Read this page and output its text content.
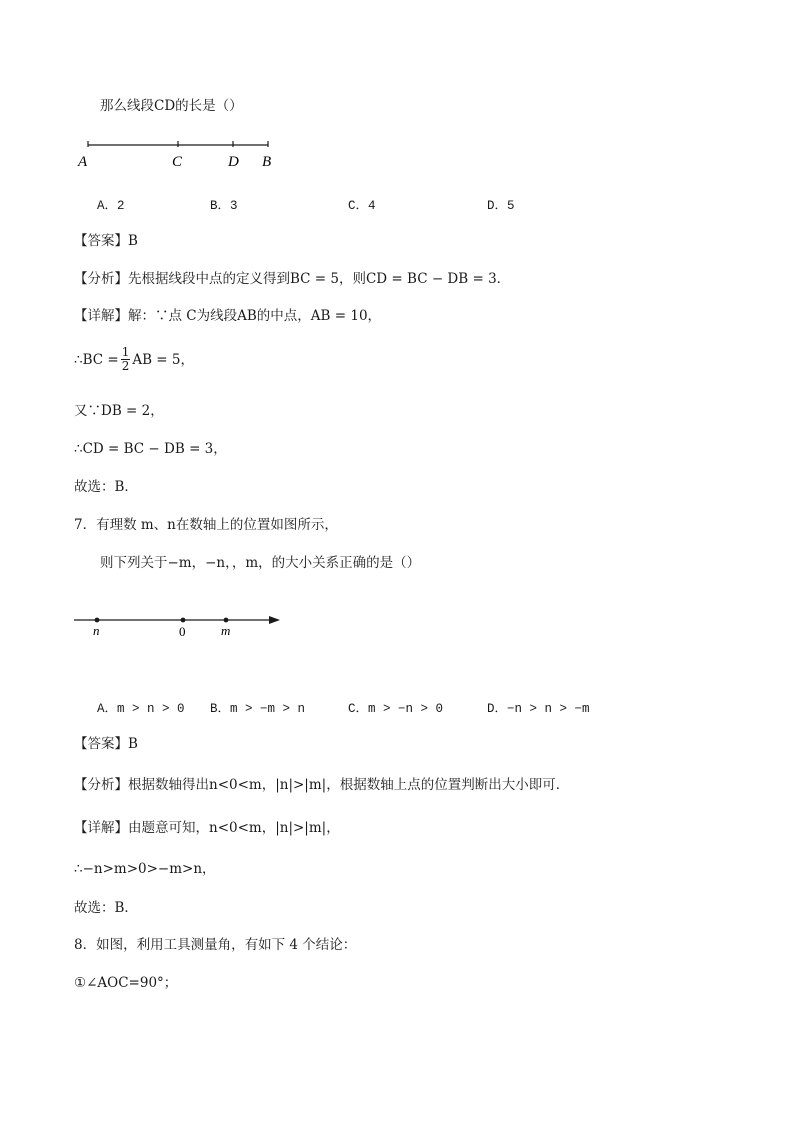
那么线段CD的长是（）
A	C	D B
A．2	B．3	C．4	D．5
【答案】B
【分析】先根据线段中点的定义得到BC = 5，则CD = BC − DB = 3．
【详解】解：∵点 C为线段AB的中点，AB = 10，
∴BC = $\frac{1}{2}$ AB = 5，
又∵DB = 2，
∴CD = BC − DB = 3，
故选：B．
7．有理数 m、n在数轴上的位置如图所示，
则下列关于−m，−n，，m，的大小关系正确的是（）
n	0	m
A．m > n > 0 B．m > −m > n	C．m > −n > 0	D．−n > n > −m
【答案】B
【分析】根据数轴得出n<0<m，|n|>|m|，根据数轴上点的位置判断出大小即可．
【详解】由题意可知，n<0<m，|n|>|m|，
∴−n>m>0>−m>n，
故选：B．
8．如图，利用工具测量角，有如下 4 个结论：
①∠AOC=90°；
